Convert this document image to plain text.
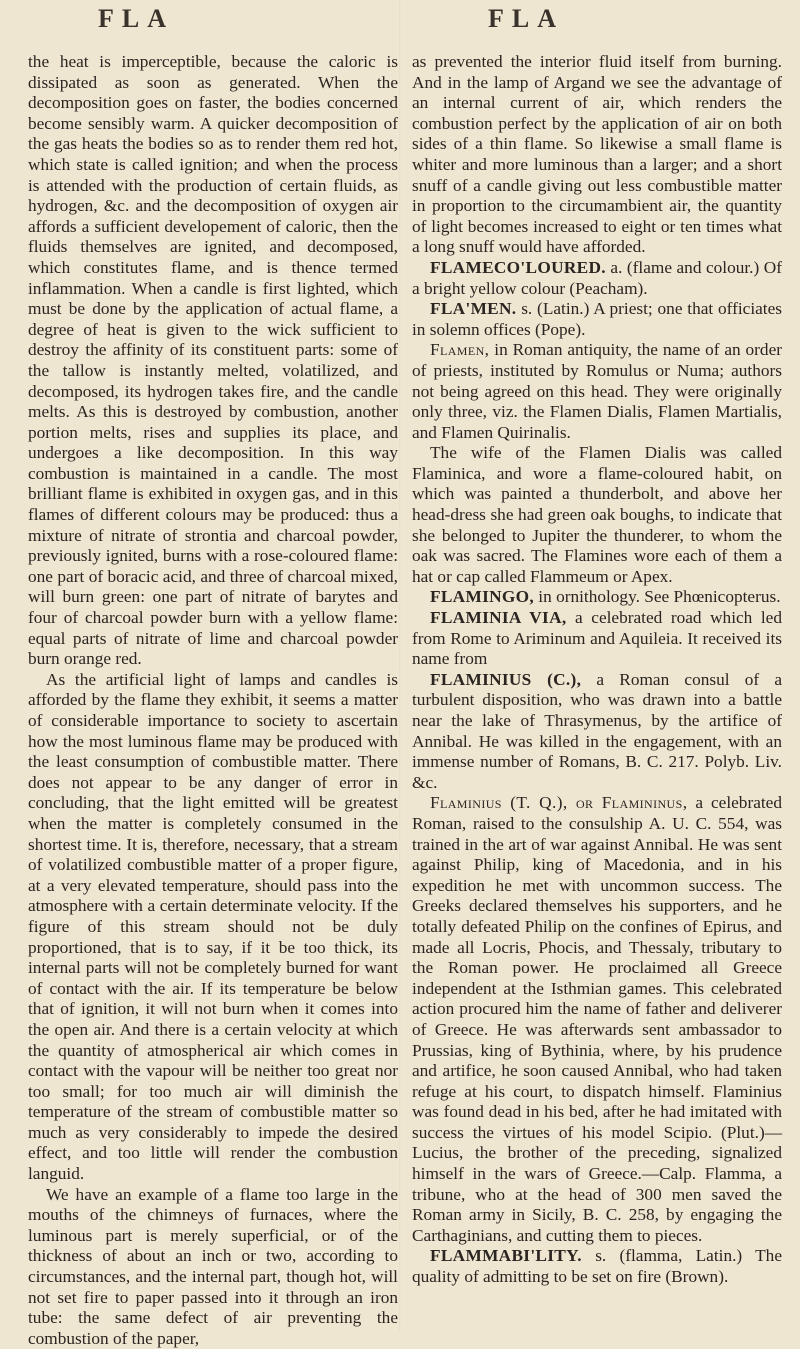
FLA	FLA

the heat is imperceptible, because the caloric is dissipated as soon as generated. When the decomposition goes on faster, the bodies concerned become sensibly warm. A quicker decomposition of the gas heats the bodies so as to render them red hot, which state is called ignition; and when the process is attended with the production of certain fluids, as hydrogen, &c. and the decomposition of oxygen air affords a sufficient developement of caloric, then the fluids themselves are ignited, and decomposed, which constitutes flame, and is thence termed inflammation. When a candle is first lighted, which must be done by the application of actual flame, a degree of heat is given to the wick sufficient to destroy the affinity of its constituent parts: some of the tallow is instantly melted, volatilized, and decomposed, its hydrogen takes fire, and the candle melts. As this is destroyed by combustion, another portion melts, rises and supplies its place, and undergoes a like decomposition. In this way combustion is maintained in a candle. The most brilliant flame is exhibited in oxygen gas, and in this flames of different colours may be produced: thus a mixture of nitrate of strontia and charcoal powder, previously ignited, burns with a rose-coloured flame: one part of boracic acid, and three of charcoal mixed, will burn green: one part of nitrate of barytes and four of charcoal powder burn with a yellow flame: equal parts of nitrate of lime and charcoal powder burn orange red.

As the artificial light of lamps and candles is afforded by the flame they exhibit, it seems a matter of considerable importance to society to ascertain how the most luminous flame may be produced with the least consumption of combustible matter. There does not appear to be any danger of error in concluding, that the light emitted will be greatest when the matter is completely consumed in the shortest time. It is, therefore, necessary, that a stream of volatilized combustible matter of a proper figure, at a very elevated temperature, should pass into the atmosphere with a certain determinate velocity. If the figure of this stream should not be duly proportioned, that is to say, if it be too thick, its internal parts will not be completely burned for want of contact with the air. If its temperature be below that of ignition, it will not burn when it comes into the open air. And there is a certain velocity at which the quantity of atmospherical air which comes in contact with the vapour will be neither too great nor too small; for too much air will diminish the temperature of the stream of combustible matter so much as very considerably to impede the desired effect, and too little will render the combustion languid.

We have an example of a flame too large in the mouths of the chimneys of furnaces, where the luminous part is merely superficial, or of the thickness of about an inch or two, according to circumstances, and the internal part, though hot, will not set fire to paper passed into it through an iron tube: the same defect of air preventing the combustion of the paper,

as prevented the interior fluid itself from burning. And in the lamp of Argand we see the advantage of an internal current of air, which renders the combustion perfect by the application of air on both sides of a thin flame. So likewise a small flame is whiter and more luminous than a larger; and a short snuff of a candle giving out less combustible matter in proportion to the circumambient air, the quantity of light becomes increased to eight or ten times what a long snuff would have afforded.

FLAMECO'LOURED. a. (flame and colour.) Of a bright yellow colour (Peacham).

FLA'MEN. s. (Latin.) A priest; one that officiates in solemn offices (Pope).

Flamen, in Roman antiquity, the name of an order of priests, instituted by Romulus or Numa; authors not being agreed on this head. They were originally only three, viz. the Flamen Dialis, Flamen Martialis, and Flamen Quirinalis.

The wife of the Flamen Dialis was called Flaminica, and wore a flame-coloured habit, on which was painted a thunderbolt, and above her head-dress she had green oak boughs, to indicate that she belonged to Jupiter the thunderer, to whom the oak was sacred. The Flamines wore each of them a hat or cap called Flammeum or Apex.

FLAMINGO, in ornithology. See Phœnicopterus.

FLAMINIA VIA, a celebrated road which led from Rome to Ariminum and Aquileia. It received its name from

FLAMINIUS (C.), a Roman consul of a turbulent disposition, who was drawn into a battle near the lake of Thrasymenus, by the artifice of Annibal. He was killed in the engagement, with an immense number of Romans, B. C. 217. Polyb. Liv. &c.

Flaminius (T. Q.), or Flamininus, a celebrated Roman, raised to the consulship A. U. C. 554, was trained in the art of war against Annibal. He was sent against Philip, king of Macedonia, and in his expedition he met with uncommon success. The Greeks declared themselves his supporters, and he totally defeated Philip on the confines of Epirus, and made all Locris, Phocis, and Thessaly, tributary to the Roman power. He proclaimed all Greece independent at the Isthmian games. This celebrated action procured him the name of father and deliverer of Greece. He was afterwards sent ambassador to Prussias, king of Bythinia, where, by his prudence and artifice, he soon caused Annibal, who had taken refuge at his court, to dispatch himself. Flaminius was found dead in his bed, after he had imitated with success the virtues of his model Scipio. (Plut.)—Lucius, the brother of the preceding, signalized himself in the wars of Greece.—Calp. Flamma, a tribune, who at the head of 300 men saved the Roman army in Sicily, B. C. 258, by engaging the Carthaginians, and cutting them to pieces.

FLAMMABI'LITY. s. (flamma, Latin.) The quality of admitting to be set on fire (Brown).
